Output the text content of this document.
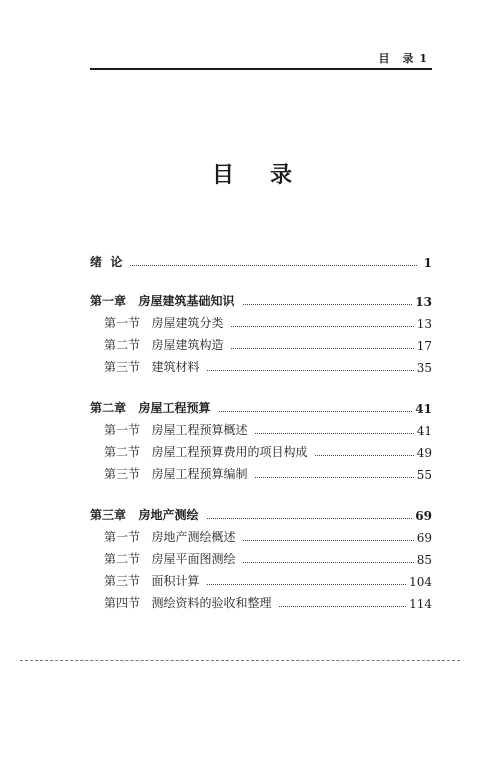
目　录 1
目录
绪  论	1
第一章   房屋建筑基础知识	13
第一节   房屋建筑分类	13
第二节   房屋建筑构造	17
第三节   建筑材料	35
第二章   房屋工程预算	41
第一节   房屋工程预算概述	41
第二节   房屋工程预算费用的项目构成	49
第三节   房屋工程预算编制	55
第三章   房地产测绘	69
第一节   房地产测绘概述	69
第二节   房屋平面图测绘	85
第三节   面积计算	104
第四节   测绘资料的验收和整理	114
